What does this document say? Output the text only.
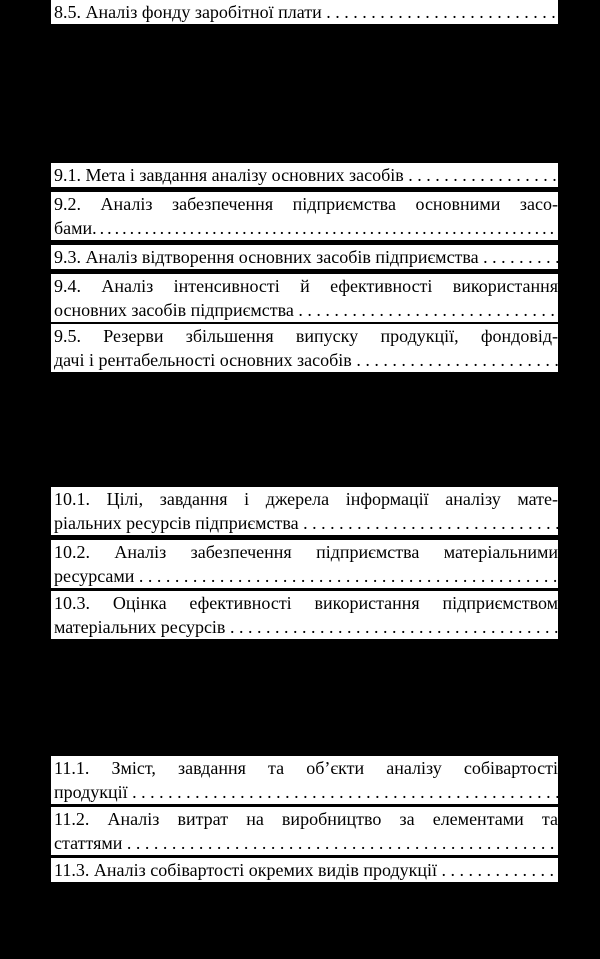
8.5. Аналіз фонду заробітної плати . . .
9.1. Мета і завдання аналізу основних засобів . . .
9.2. Аналіз забезпечення підприємства основними засо-
бами .....
9.3. Аналіз відтворення основних засобів підприємства . . .
9.4. Аналіз інтенсивності й ефективності використання
основних засобів підприємства . . .
9.5. Резерви збільшення випуску продукції, фондовід-
дачі і рентабельності основних засобів . . .
10.1. Цілі, завдання і джерела інформації аналізу мате-
ріальних ресурсів підприємства . . .
10.2. Аналіз забезпечення підприємства матеріальними
ресурсами . . .
10.3. Оцінка ефективності використання підприємством
матеріальних ресурсів . . .
11.1. Зміст, завдання та об’єкти аналізу собівартості
продукції . . .
11.2. Аналіз витрат на виробництво за елементами та
статтями . . .
11.3. Аналіз собівартості окремих видів продукції . . .
